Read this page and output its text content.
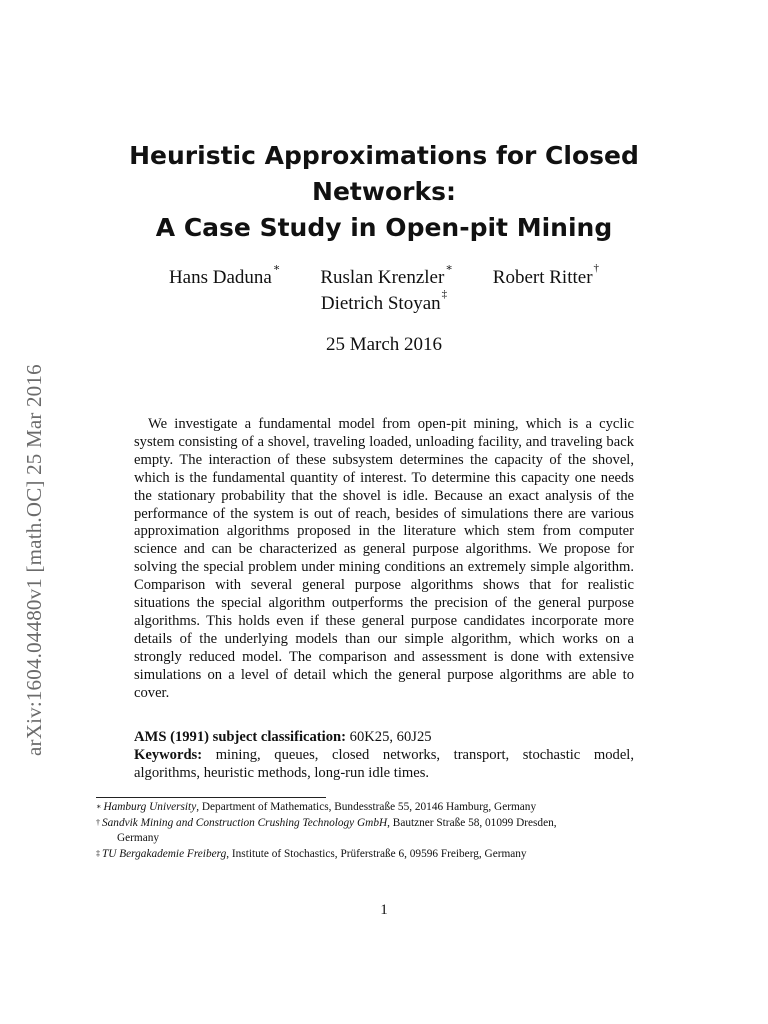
arXiv:1604.04480v1 [math.OC] 25 Mar 2016
Heuristic Approximations for Closed
Networks:
A Case Study in Open-pit Mining
Hans Daduna∗ Ruslan Krenzler∗ Robert Ritter†
Dietrich Stoyan‡
25 March 2016

We investigate a fundamental model from open-pit mining, which is a cyclic system consisting of a shovel, traveling loaded, unloading facility, and traveling back empty. The interaction of these subsystem determines the capacity of the shovel, which is the fundamental quantity of interest. To determine this capacity one needs the stationary probability that the shovel is idle. Because an exact analysis of the performance of the system is out of reach, besides of simulations there are various approximation algorithms proposed in the literature which stem from computer science and can be characterized as general purpose algorithms. We propose for solving the special problem under mining conditions an extremely simple algorithm. Comparison with several general purpose algorithms shows that for realistic situations the special algorithm outperforms the precision of the general purpose algorithms. This holds even if these general purpose candidates incorporate more details of the underlying models than our simple algorithm, which works on a strongly reduced model. The comparison and assessment is done with extensive simulations on a level of detail which the general purpose algorithms are able to cover.

AMS (1991) subject classification: 60K25, 60J25
Keywords: mining, queues, closed networks, transport, stochastic model, algorithms, heuristic methods, long-run idle times.
∗ Hamburg University, Department of Mathematics, Bundesstraße 55, 20146 Hamburg, Germany
† Sandvik Mining and Construction Crushing Technology GmbH, Bautzner Straße 58, 01099 Dresden,
Germany
‡ TU Bergakademie Freiberg, Institute of Stochastics, Prüferstraße 6, 09596 Freiberg, Germany
1
